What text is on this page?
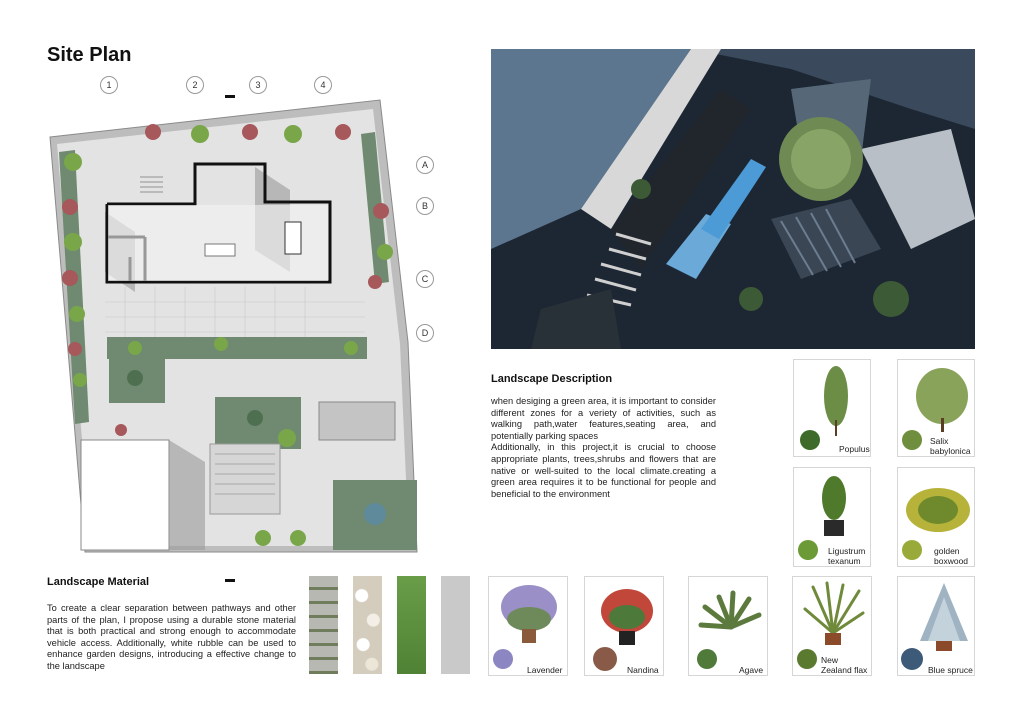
Site Plan
1	2	3	4
A
B
C
D
Landscape Description
when desiging a green area, it is important to consider different zones for a veriety of activities, such as walking path,water features,seating area, and potentially parking spaces
Additionally, in this project,it is crucial to choose appropriate plants, trees,shrubs and flowers that are native or well-suited to the local climate.creating a green area requires it to be functional for people and beneficial to the environment
Landscape Material
To create a clear separation between pathways and other parts of the plan, I propose using a durable stone material that is both practical and strong enough to accommodate vehicle access. Additionally, white rubble can be used to enhance garden designs, introducing a effective change to the landscape
Populus
Salix babylonica
Ligustrum texanum
golden boxwood
Lavender	Nandina	Agave
New Zealand flax	Blue spruce
